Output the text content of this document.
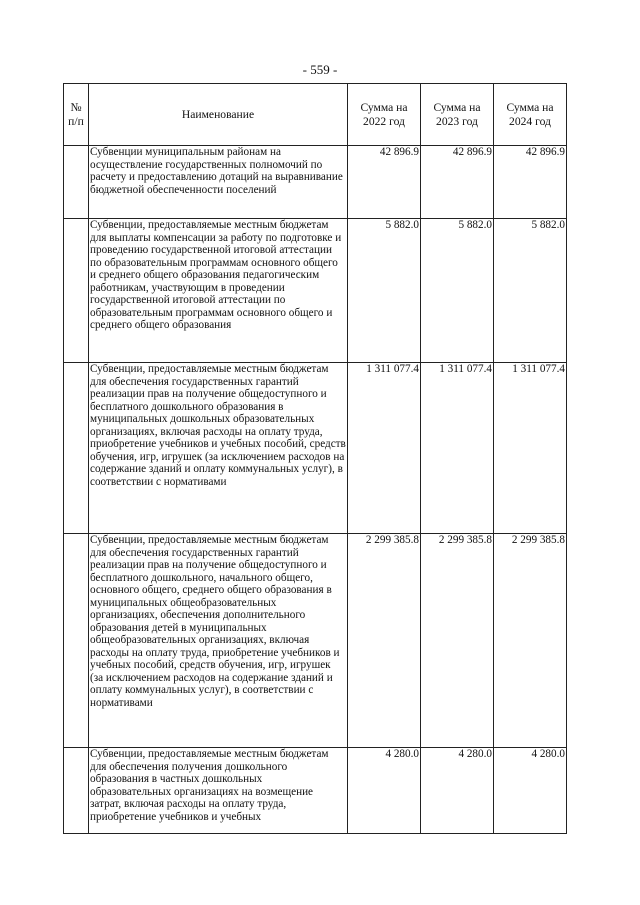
- 559 -
№ п/п	Наименование	Сумма на 2022 год	Сумма на 2023 год	Сумма на 2024 год
	Субвенции муниципальным районам на осуществление государственных полномочий по расчету и предоставлению дотаций на выравнивание бюджетной обеспеченности поселений	42 896.9	42 896.9	42 896.9
	Субвенции, предоставляемые местным бюджетам для выплаты компенсации за работу по подготовке и проведению государственной итоговой аттестации по образовательным программам основного общего и среднего общего образования педагогическим работникам, участвующим в проведении государственной итоговой аттестации по образовательным программам основного общего и среднего общего образования	5 882.0	5 882.0	5 882.0
	Субвенции, предоставляемые местным бюджетам для обеспечения государственных гарантий реализации прав на получение общедоступного и бесплатного дошкольного образования в муниципальных дошкольных образовательных организациях, включая расходы на оплату труда, приобретение учебников и учебных пособий, средств обучения, игр, игрушек (за исключением расходов на содержание зданий и оплату коммунальных услуг), в соответствии с нормативами	1 311 077.4	1 311 077.4	1 311 077.4
	Субвенции, предоставляемые местным бюджетам для обеспечения государственных гарантий реализации прав на получение общедоступного и бесплатного дошкольного, начального общего, основного общего, среднего общего образования в муниципальных общеобразовательных организациях, обеспечения дополнительного образования детей в муниципальных общеобразовательных организациях, включая расходы на оплату труда, приобретение учебников и учебных пособий, средств обучения, игр, игрушек (за исключением расходов на содержание зданий и оплату коммунальных услуг), в соответствии с нормативами	2 299 385.8	2 299 385.8	2 299 385.8
	Субвенции, предоставляемые местным бюджетам для обеспечения получения дошкольного образования в частных дошкольных образовательных организациях на возмещение затрат, включая расходы на оплату труда, приобретение учебников и учебных	4 280.0	4 280.0	4 280.0
